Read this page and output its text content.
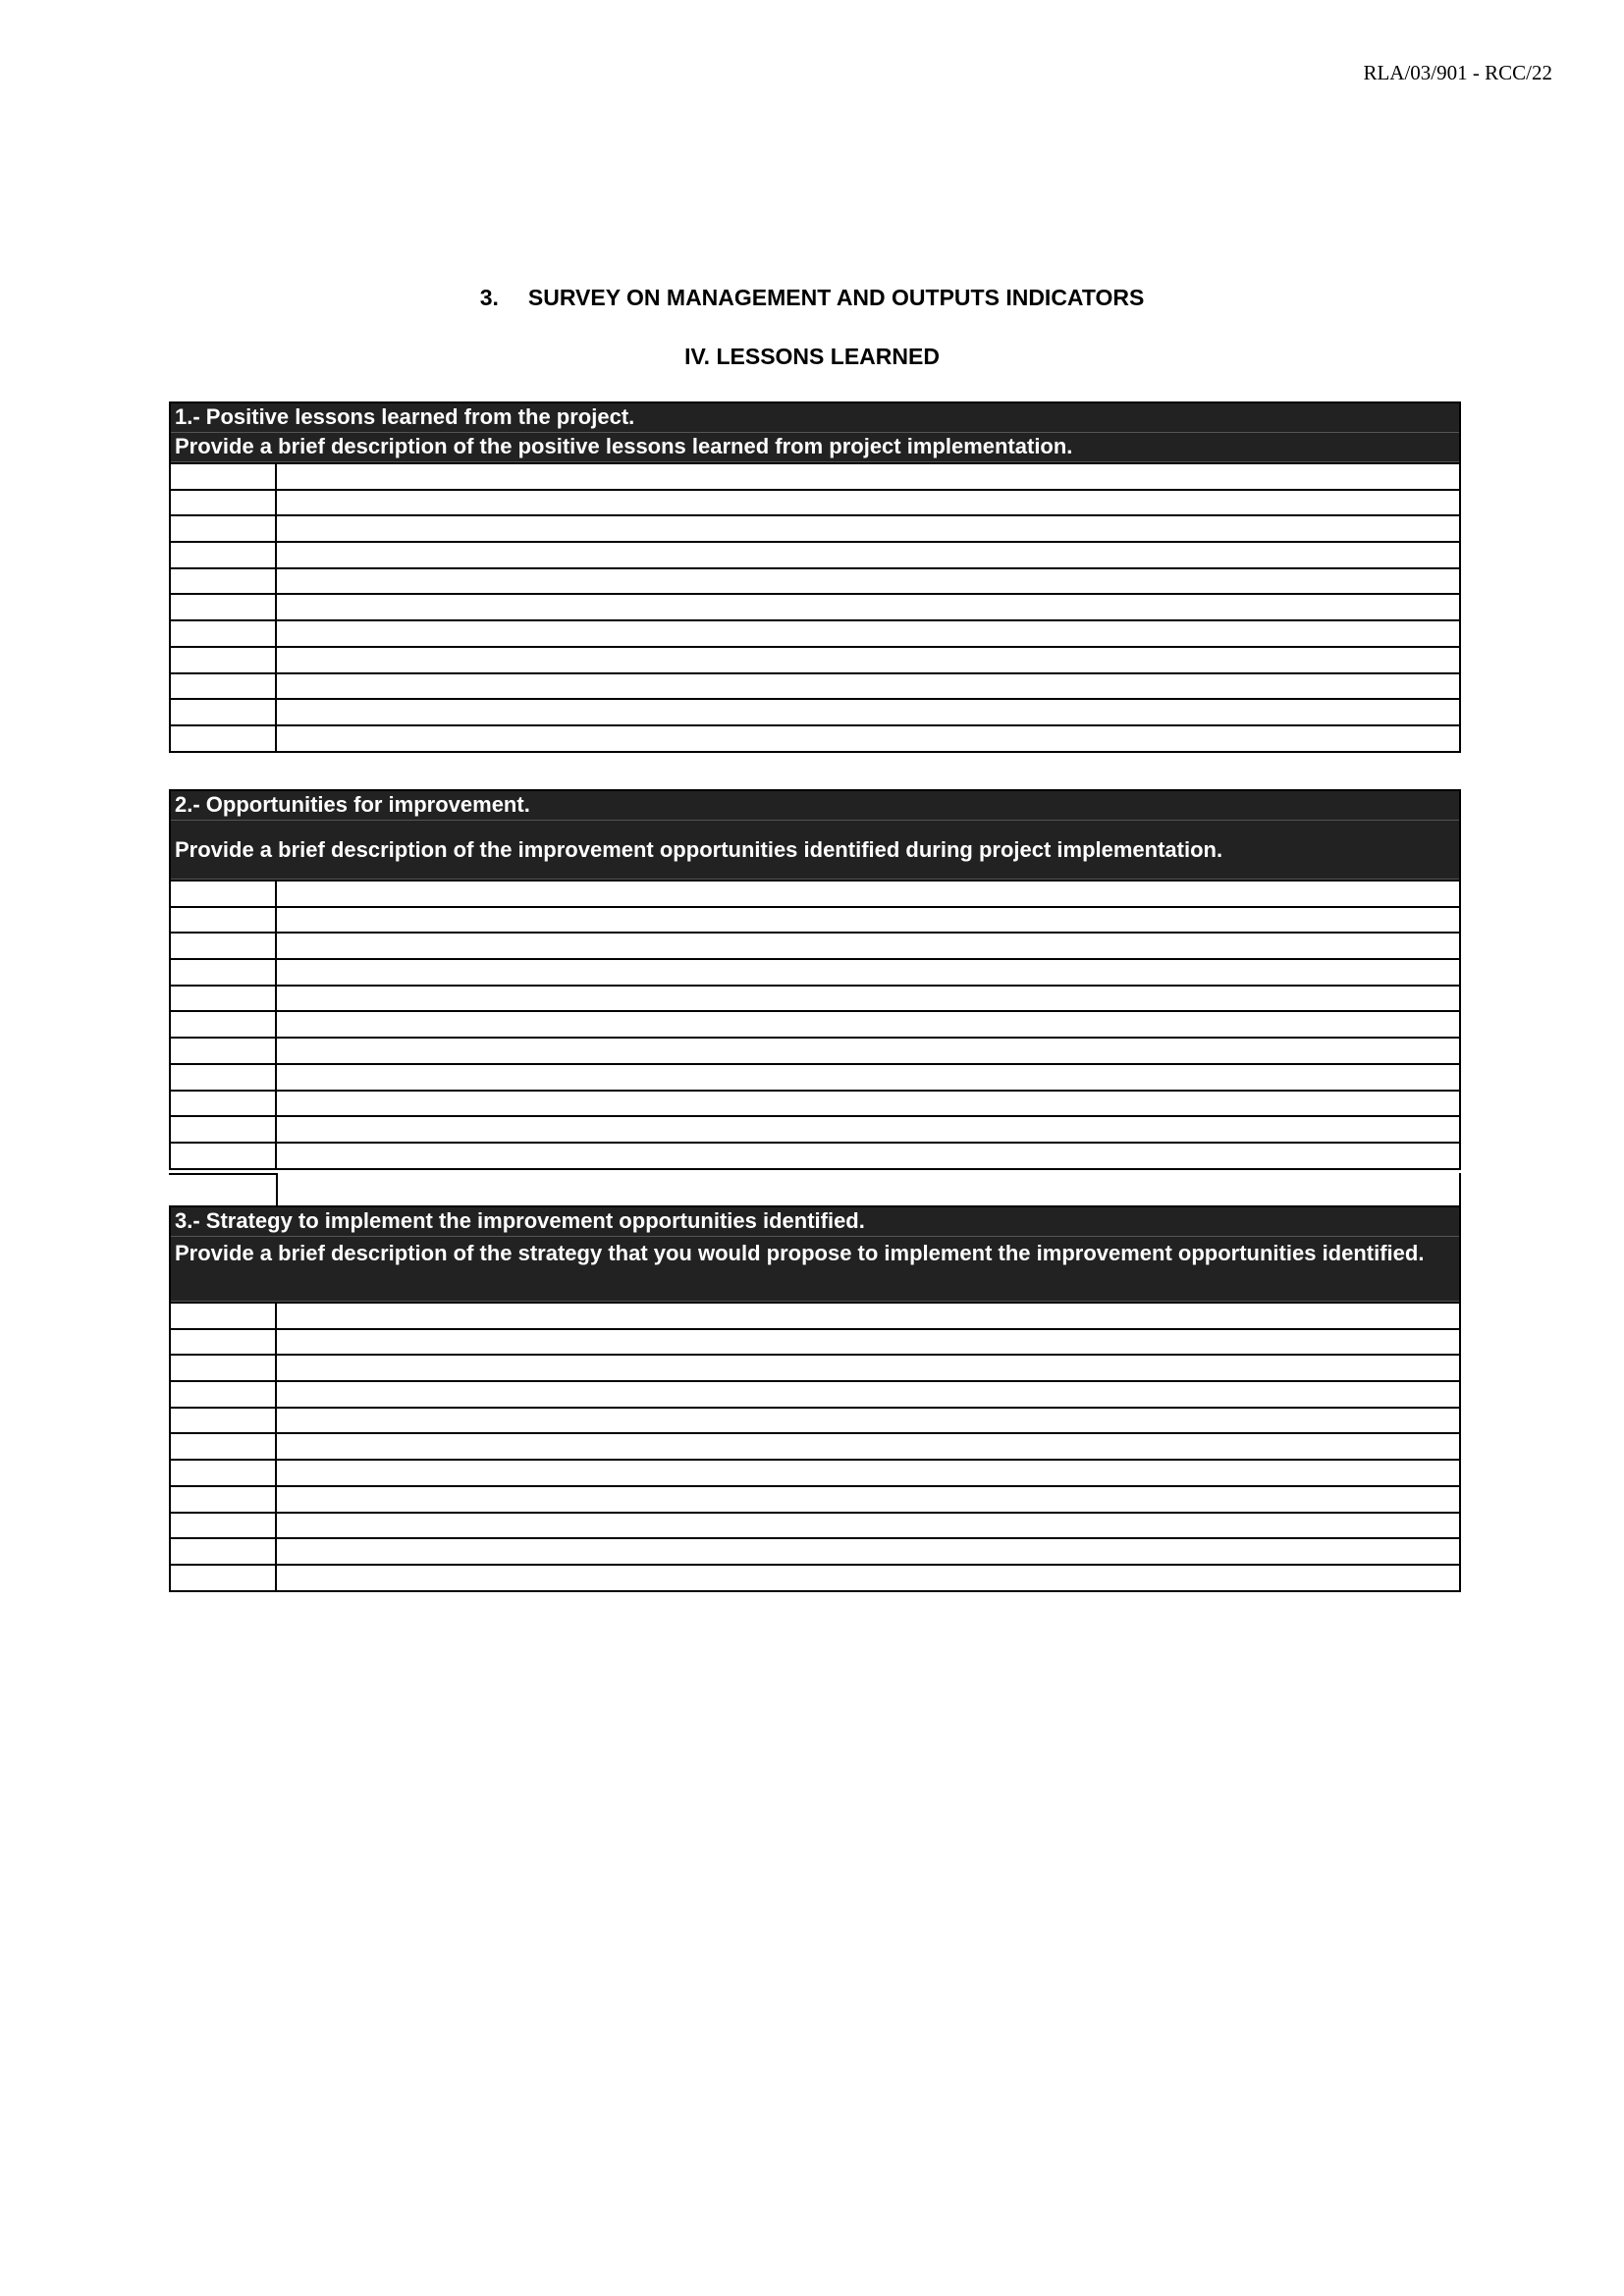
RLA/03/901 - RCC/22
3. SURVEY ON MANAGEMENT AND OUTPUTS INDICATORS
IV. LESSONS LEARNED
1.- Positive lessons learned from the project.
Provide a brief description of the positive lessons learned from project implementation.
2.- Opportunities for improvement.
Provide a brief description of the improvement opportunities identified during project implementation.
3.- Strategy to implement the improvement opportunities identified.
Provide a brief description of the strategy that you would propose to implement the improvement opportunities identified.
